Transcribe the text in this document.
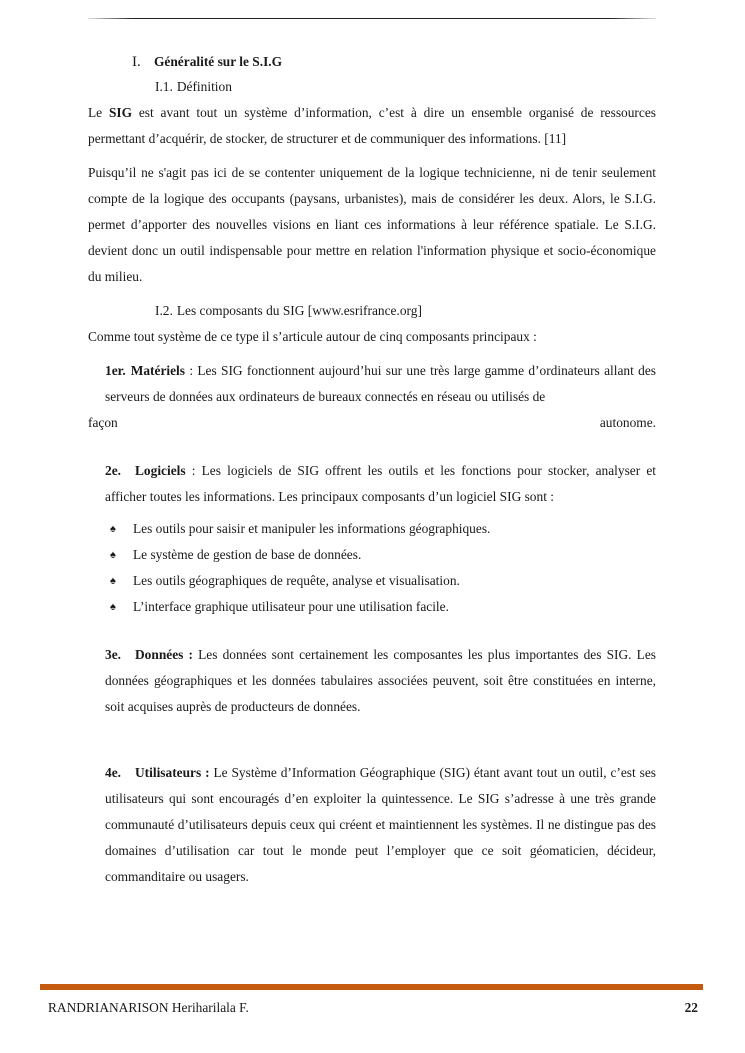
I. Généralité sur le S.I.G
I.1. Définition

Le SIG est avant tout un système d’information, c’est à dire un ensemble organisé de ressources permettant d’acquérir, de stocker, de structurer et de communiquer des informations. [11]

Puisqu’il ne s'agit pas ici de se contenter uniquement de la logique technicienne, ni de tenir seulement compte de la logique des occupants (paysans, urbanistes), mais de considérer les deux. Alors, le S.I.G. permet d’apporter des nouvelles visions en liant ces informations à leur référence spatiale. Le S.I.G. devient donc un outil indispensable pour mettre en relation l'information physique et socio-économique du milieu.

I.2. Les composants du SIG [www.esrifrance.org]

Comme tout système de ce type il s’articule autour de cinq composants principaux :

1er. Matériels : Les SIG fonctionnent aujourd’hui sur une très large gamme d’ordinateurs allant des serveurs de données aux ordinateurs de bureaux connectés en réseau ou utilisés de

façon	autonome.

2e. Logiciels : Les logiciels de SIG offrent les outils et les fonctions pour stocker, analyser et afficher toutes les informations. Les principaux composants d’un logiciel SIG sont :

♠	Les outils pour saisir et manipuler les informations géographiques.
♠	Le système de gestion de base de données.
♠	Les outils géographiques de requête, analyse et visualisation.
♠	L’interface graphique utilisateur pour une utilisation facile.

3e. Données : Les données sont certainement les composantes les plus importantes des SIG. Les données géographiques et les données tabulaires associées peuvent, soit être constituées en interne, soit acquises auprès de producteurs de données.

4e. Utilisateurs : Le Système d’Information Géographique (SIG) étant avant tout un outil, c’est ses utilisateurs qui sont encouragés d’en exploiter la quintessence. Le SIG s’adresse à une très grande communauté d’utilisateurs depuis ceux qui créent et maintiennent les systèmes. Il ne distingue pas des domaines d’utilisation car tout le monde peut l’employer que ce soit géomaticien, décideur, commanditaire ou usagers.

RANDRIANARISON Heriharilala F.	22
